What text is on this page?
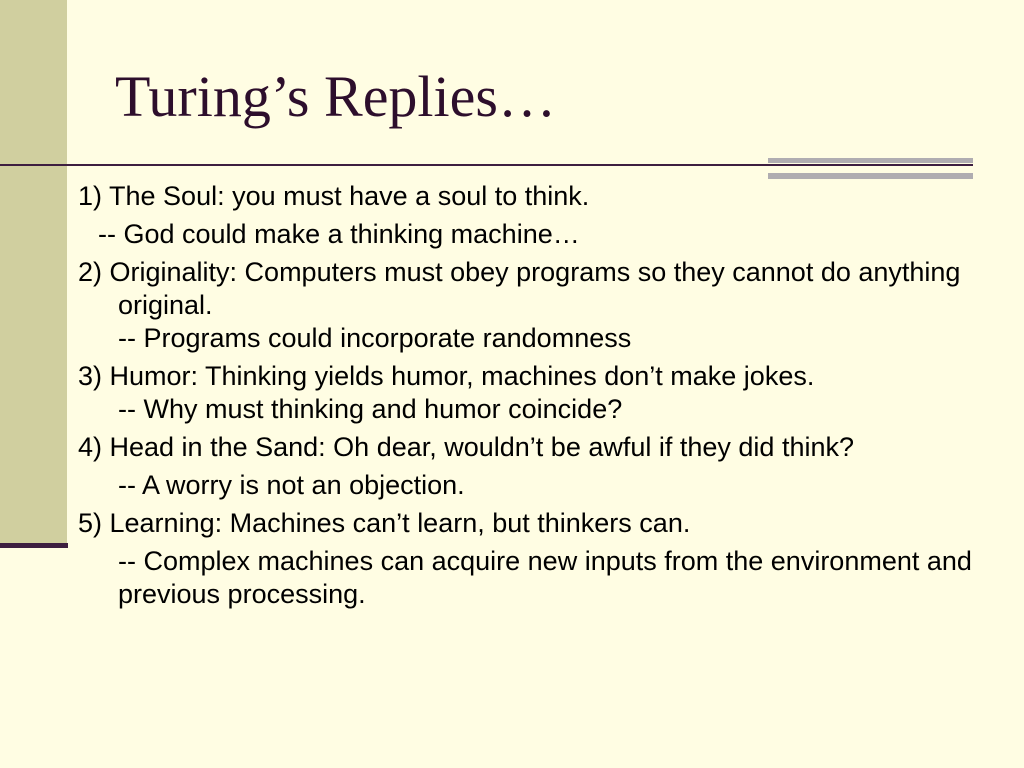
Turing’s Replies…

1) The Soul: you must have a soul to think.

-- God could make a thinking machine…

2) Originality: Computers must obey programs so they cannot do anything original.

-- Programs could incorporate randomness

3) Humor: Thinking yields humor, machines don’t make jokes.

-- Why must thinking and humor coincide?

4) Head in the Sand: Oh dear, wouldn’t be awful if they did think?

-- A worry is not an objection.

5) Learning: Machines can’t learn, but thinkers can.

-- Complex machines can acquire new inputs from the environment and previous processing.
